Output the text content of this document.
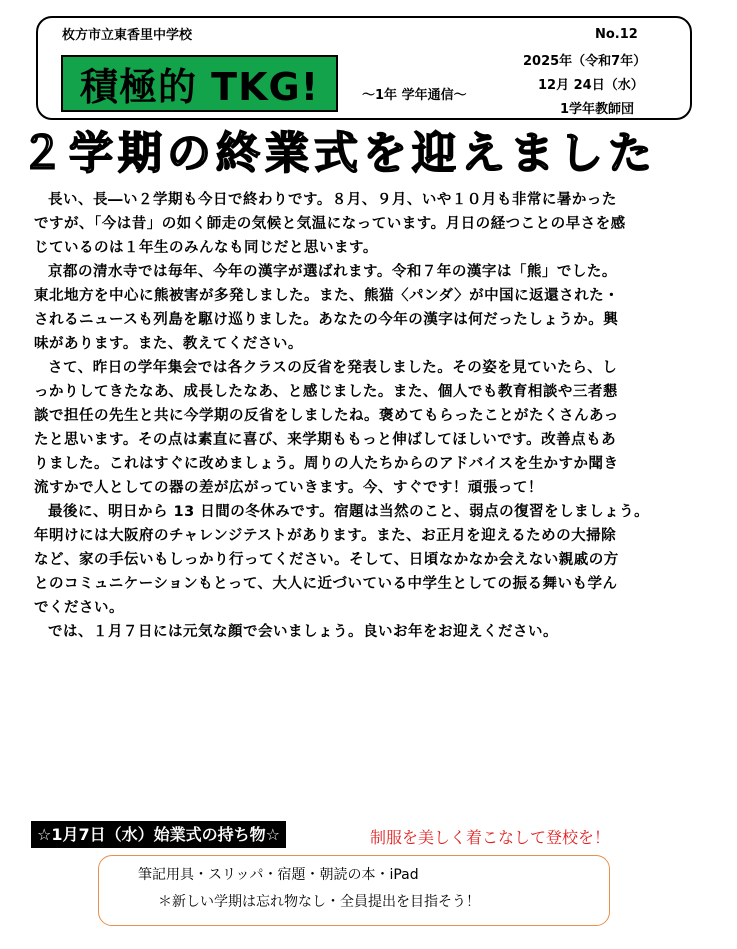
枚方市立東香里中学校
積極的 TKG!	～1年 学年通信～
No.12
2025年（令和7年）
12月 24日（水）
1学年教師団
２学期の終業式を迎えました
長い、長―い２学期も今日で終わりです。８月、９月、いや１０月も非常に暑かった
ですが、「今は昔」の如く師走の気候と気温になっています。月日の経つことの早さを感
じているのは１年生のみんなも同じだと思います。
京都の清水寺では毎年、今年の漢字が選ばれます。令和７年の漢字は「熊」でした。
東北地方を中心に熊被害が多発しました。また、熊猫〈パンダ〉が中国に返還された・
されるニュースも列島を駆け巡りました。あなたの今年の漢字は何だったしょうか。興
味があります。また、教えてください。
さて、昨日の学年集会では各クラスの反省を発表しました。その姿を見ていたら、し
っかりしてきたなあ、成長したなあ、と感じました。また、個人でも教育相談や三者懇
談で担任の先生と共に今学期の反省をしましたね。褒めてもらったことがたくさんあっ
たと思います。その点は素直に喜び、来学期ももっと伸ばしてほしいです。改善点もあ
りました。これはすぐに改めましょう。周りの人たちからのアドバイスを生かすか聞き
流すかで人としての器の差が広がっていきます。今、すぐです！頑張って！
最後に、明日から 13 日間の冬休みです。宿題は当然のこと、弱点の復習をしましょう。
年明けには大阪府のチャレンジテストがあります。また、お正月を迎えるための大掃除
など、家の手伝いもしっかり行ってください。そして、日頃なかなか会えない親戚の方
とのコミュニケーションもとって、大人に近づいている中学生としての振る舞いも学ん
でください。
では、１月７日には元気な顔で会いましょう。良いお年をお迎えください。
☆1月7日（水）始業式の持ち物☆	制服を美しく着こなして登校を！
筆記用具・スリッパ・宿題・朝読の本・iPad
＊新しい学期は忘れ物なし・全員提出を目指そう！
